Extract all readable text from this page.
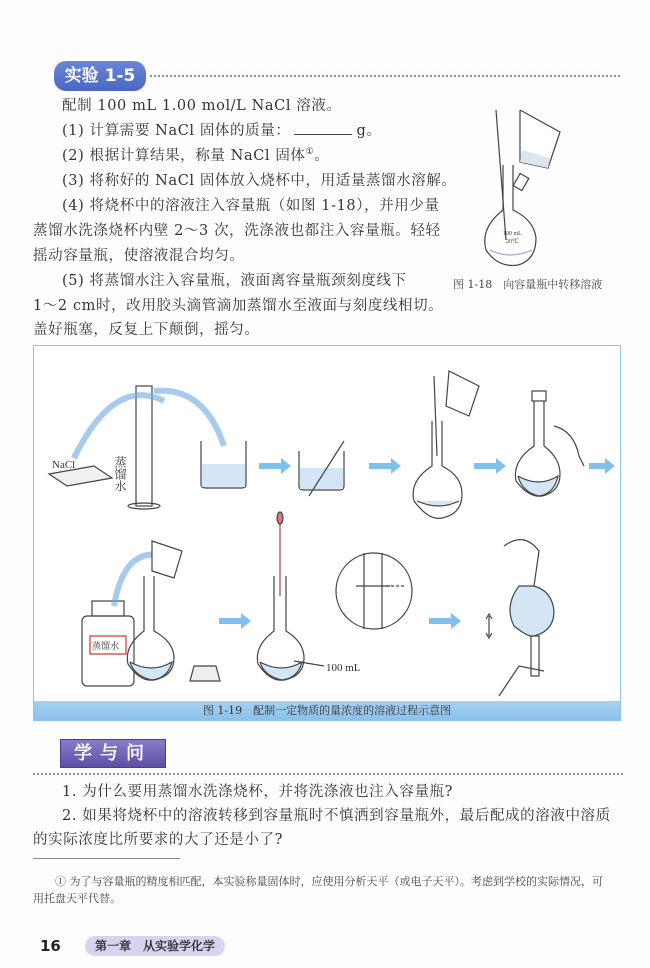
实验 1-5
配制 100 mL 1.00 mol/L NaCl 溶液。
(1) 计算需要 NaCl 固体的质量：	g。
(2) 根据计算结果，称量 NaCl 固体①。
(3) 将称好的 NaCl 固体放入烧杯中，用适量蒸馏水溶解。
(4) 将烧杯中的溶液注入容量瓶（如图 1-18），并用少量
蒸馏水洗涤烧杯内壁 2～3 次，洗涤液也都注入容量瓶。轻轻
摇动容量瓶，使溶液混合均匀。
(5) 将蒸馏水注入容量瓶，液面离容量瓶颈刻度线下
1～2 cm时，改用胶头滴管滴加蒸馏水至液面与刻度线相切。
盖好瓶塞，反复上下颠倒，摇匀。
100 mL
20℃
图 1-18　向容量瓶中转移溶液
NaCl	蒸馏水
蒸馏水
100 mL
图 1-19　配制一定物质的量浓度的溶液过程示意图
学与问
1. 为什么要用蒸馏水洗涤烧杯，并将洗涤液也注入容量瓶?
2. 如果将烧杯中的溶液转移到容量瓶时不慎洒到容量瓶外，最后配成的溶液中溶质
的实际浓度比所要求的大了还是小了?
① 为了与容量瓶的精度相匹配，本实验称量固体时，应使用分析天平（或电子天平）。考虑到学校的实际情况，可
用托盘天平代替。
16	第一章　从实验学化学
